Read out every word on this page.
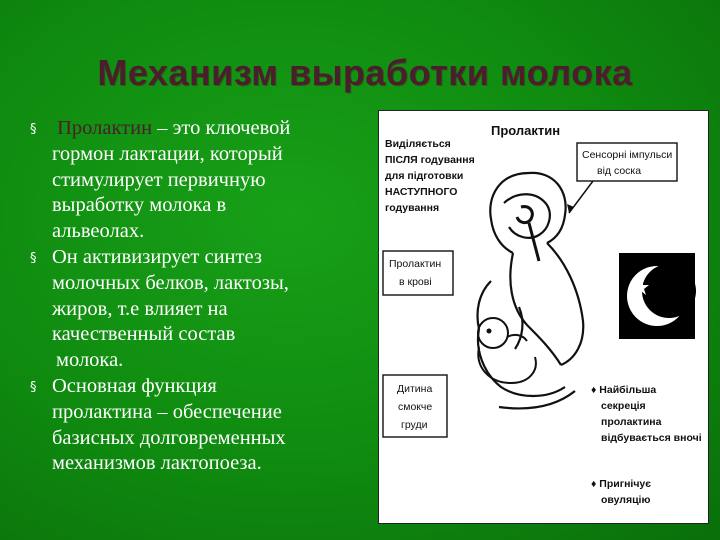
Механизм выработки молока
§ Пролактин – это ключевой
гормон лактации, который
стимулирует первичную
выработку молока в
альвеолах.
§ Он активизирует синтез
молочных белков, лактозы,
жиров, т.е влияет на
качественный состав
молока.
§ Основная функция
пролактина – обеспечение
базисных долговременных
механизмов лактопоеза.
Пролактин
Виділяється ПІСЛЯ годування для підготовки НАСТУПНОГО годування
Сенсорні імпульси від соска
Пролактин в крові
Дитина смокче груди
♦ Найбільша секреція пролактина відбувається вночі
♦ Пригнічує овуляцію
